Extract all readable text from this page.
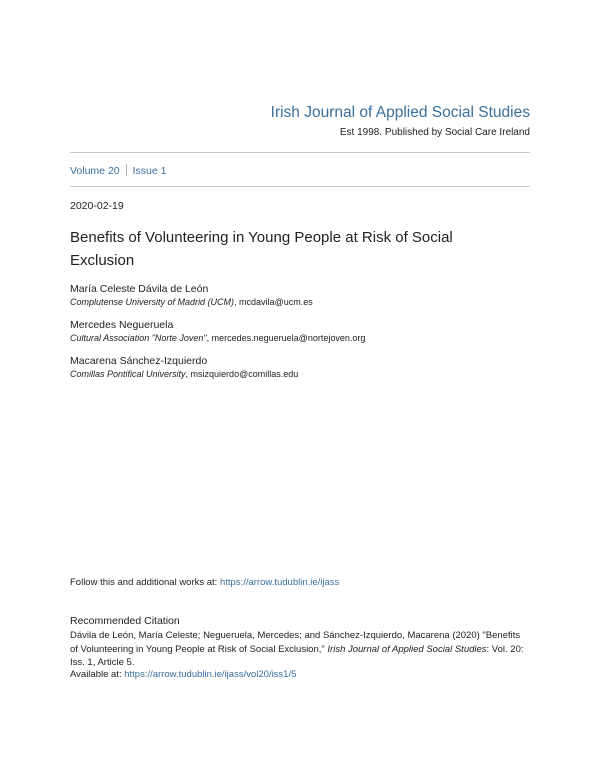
Irish Journal of Applied Social Studies
Est 1998. Published by Social Care Ireland
Volume 20 Issue 1
2020-02-19
Benefits of Volunteering in Young People at Risk of Social Exclusion
María Celeste Dávila de León
Complutense University of Madrid (UCM), mcdavila@ucm.es
Mercedes Negueruela
Cultural Association "Norte Joven", mercedes.negueruela@nortejoven.org
Macarena Sánchez-Izquierdo
Comillas Pontifical University, msizquierdo@comillas.edu
Follow this and additional works at: https://arrow.tudublin.ie/ijass
Recommended Citation
Dávila de León, María Celeste; Negueruela, Mercedes; and Sánchez-Izquierdo, Macarena (2020) "Benefits of Volunteering in Young People at Risk of Social Exclusion," Irish Journal of Applied Social Studies: Vol. 20: Iss. 1, Article 5.
Available at: https://arrow.tudublin.ie/ijass/vol20/iss1/5
